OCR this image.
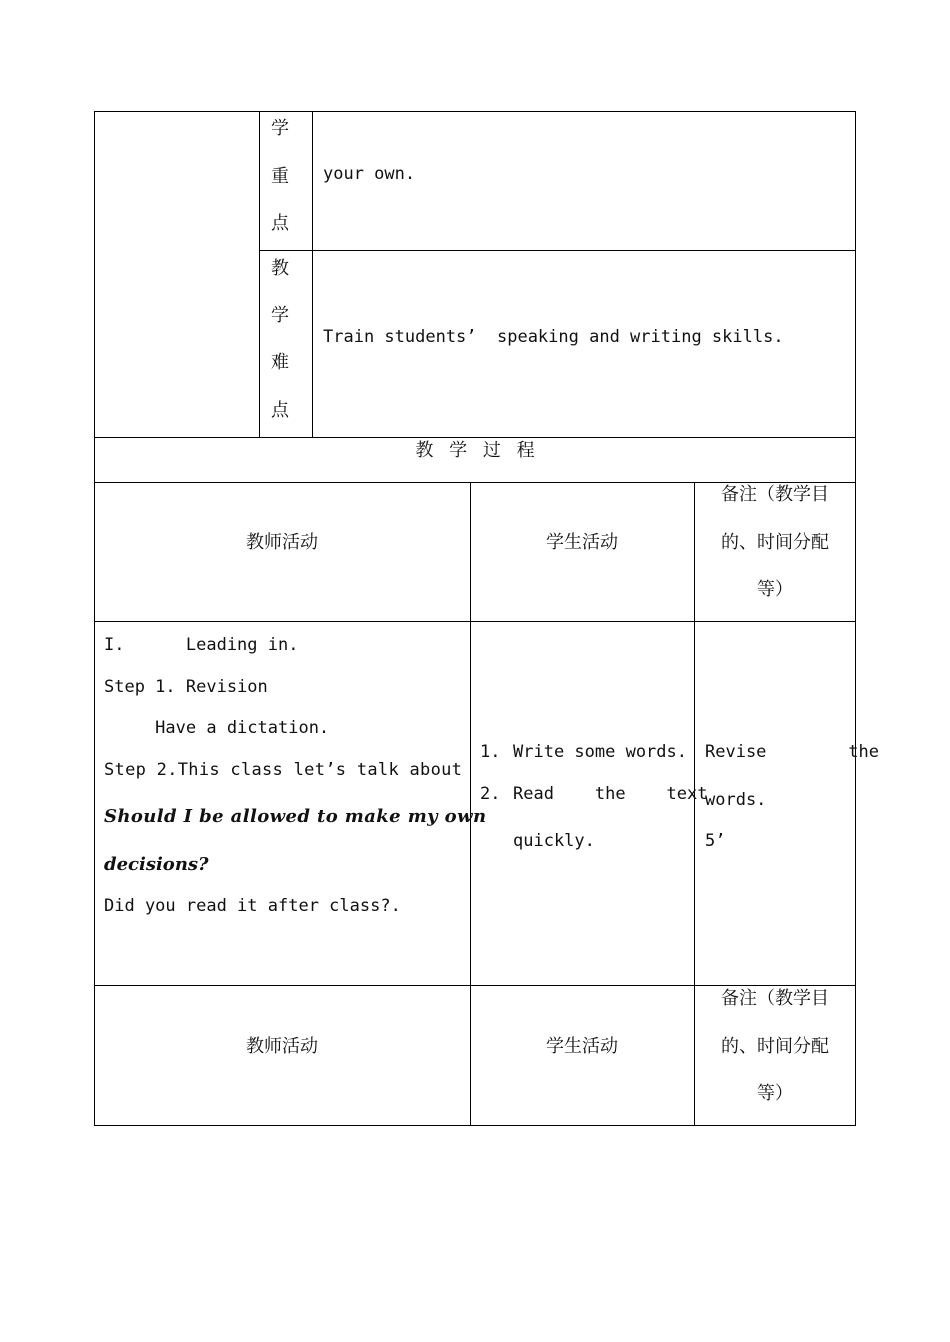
学
重
点
your own.
教
学
难
点
Train students’  speaking and writing skills.
教 学 过 程
教师活动	学生活动
备注（教学目
的、时间分配
等）
I.      Leading in.
Step 1. Revision
Have a dictation.
Step 2.This class let’s talk about
Should I be allowed to make my own
decisions?
Did you read it after class?.
1. Write some words.
2. Read    the    text
quickly.
Revise        the
words.
5’
教师活动	学生活动
备注（教学目
的、时间分配
等）
